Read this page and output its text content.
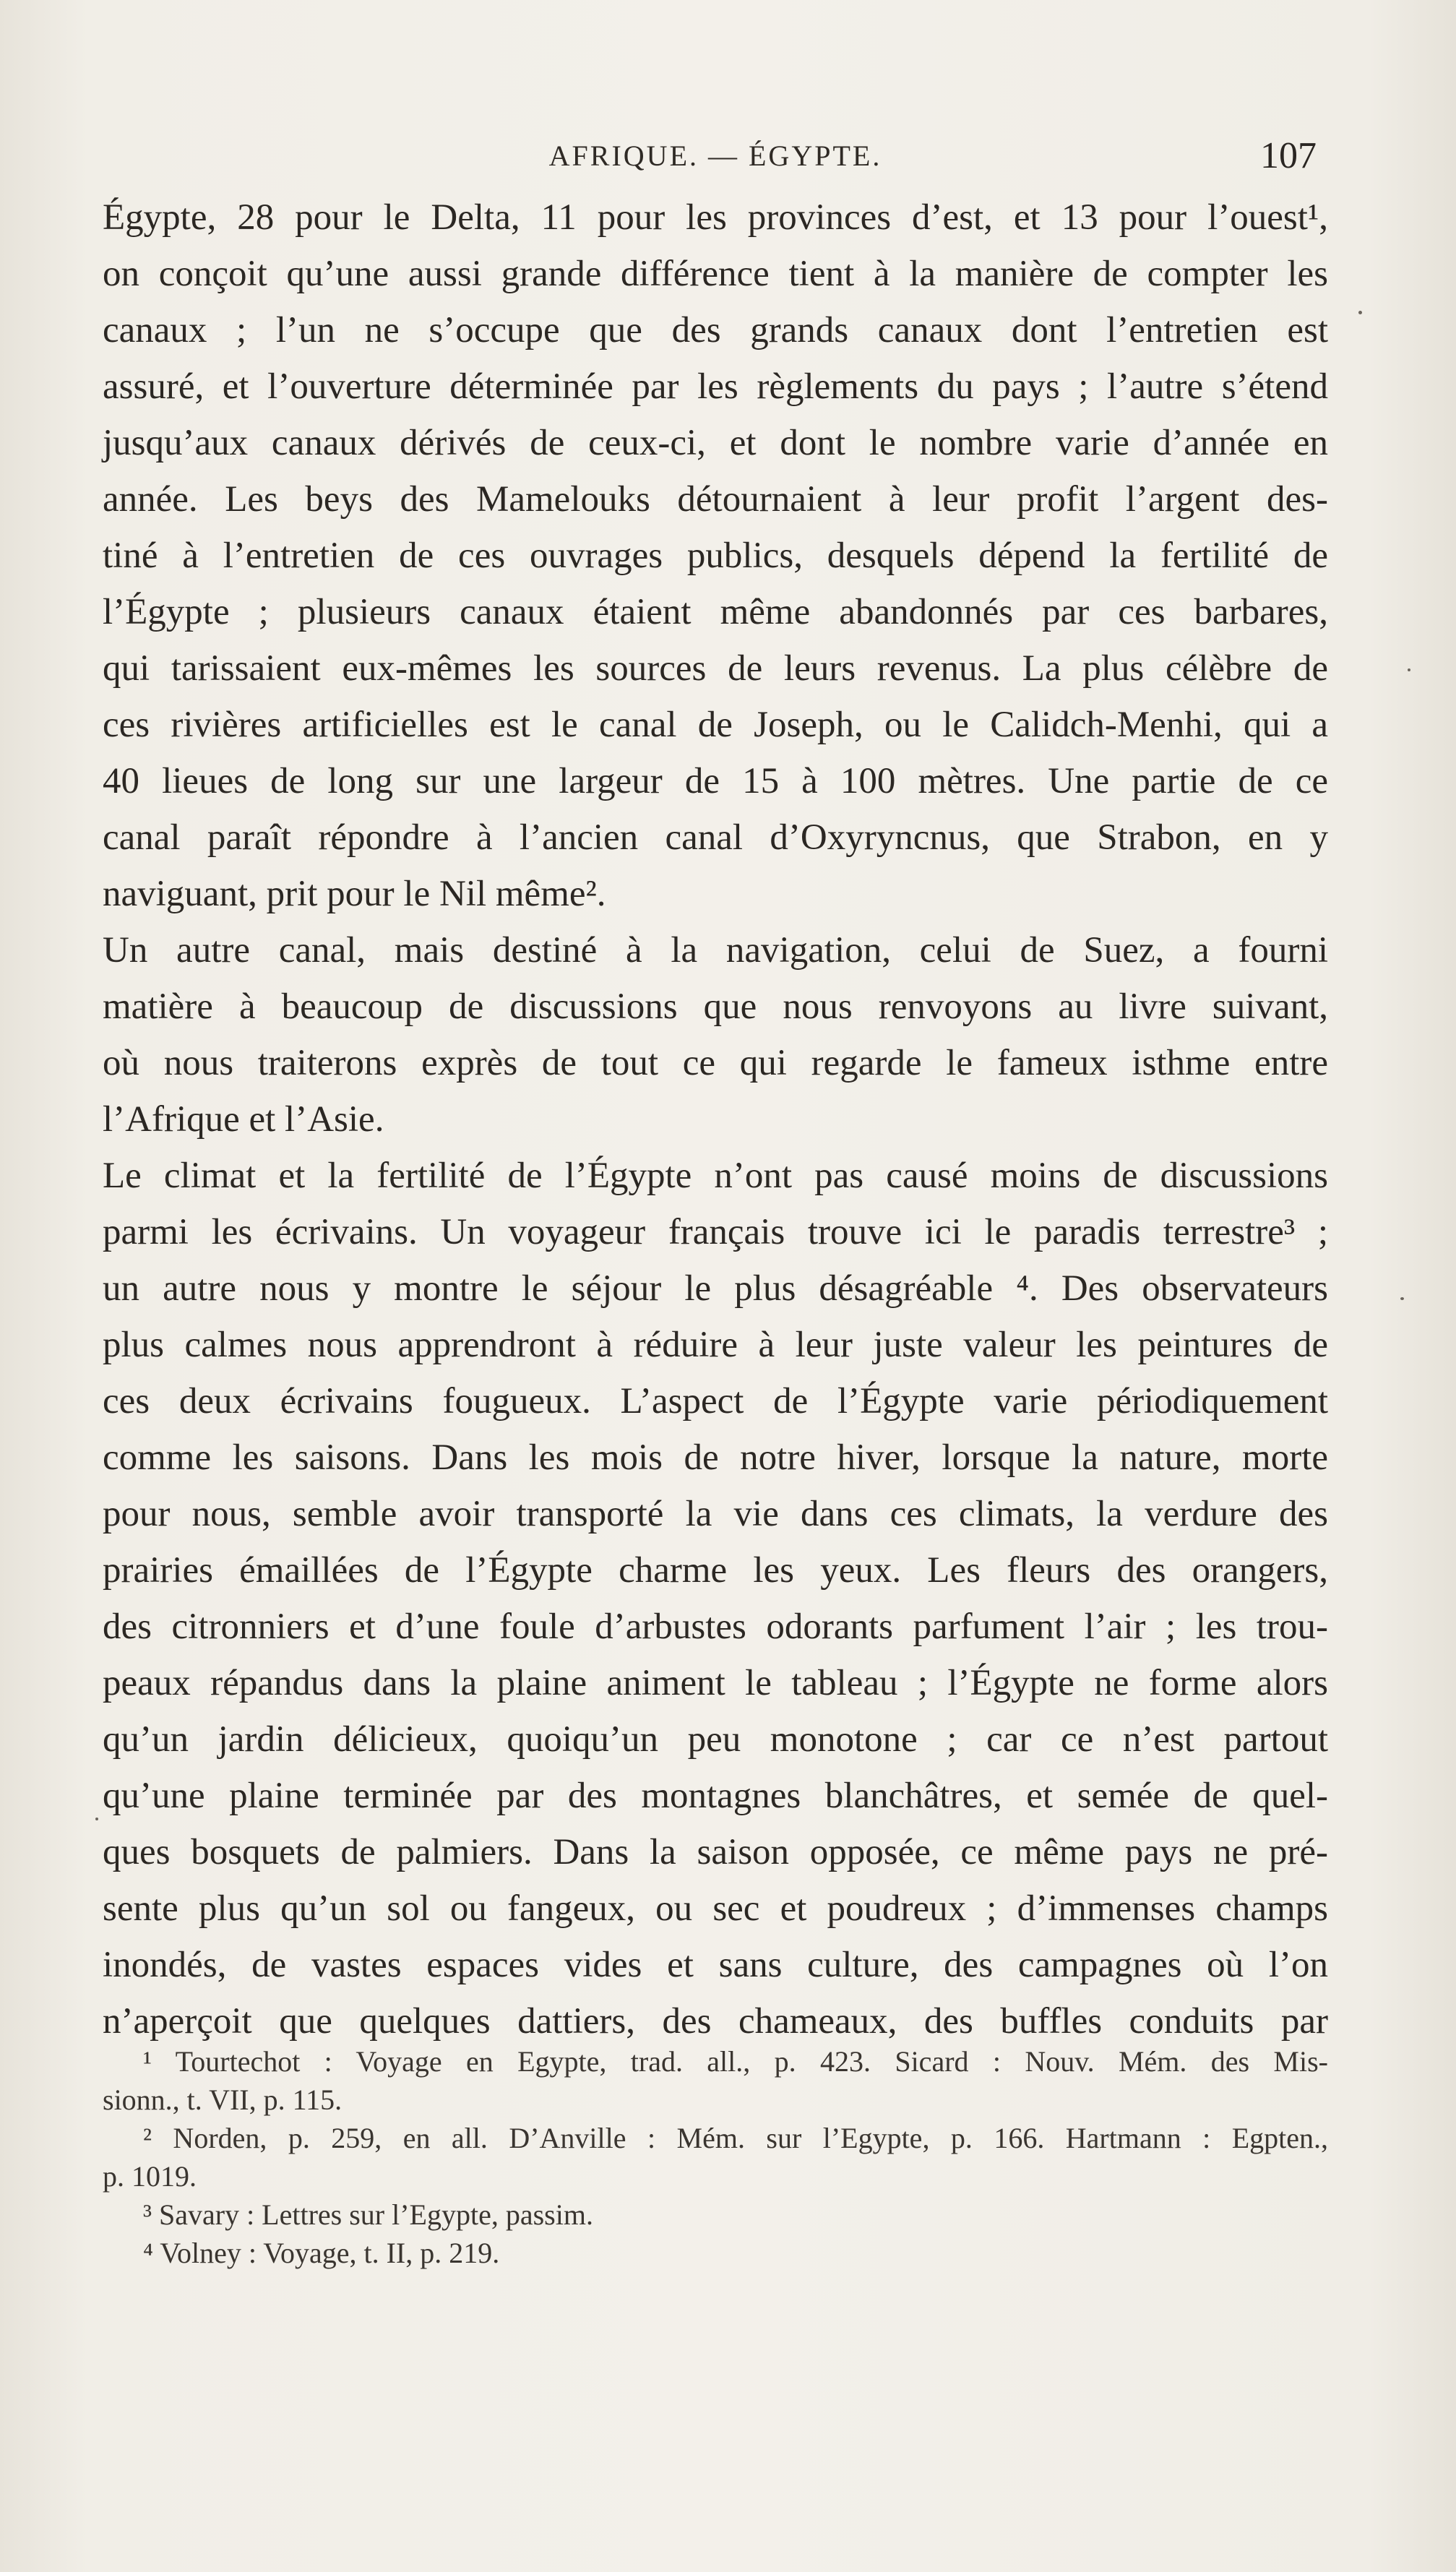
AFRIQUE. — ÉGYPTE.	107
Égypte, 28 pour le Delta, 11 pour les provinces d’est, et 13 pour l’ouest¹,
on conçoit qu’une aussi grande différence tient à la manière de compter les
canaux ; l’un ne s’occupe que des grands canaux dont l’entretien est
assuré, et l’ouverture déterminée par les règlements du pays ; l’autre s’étend
jusqu’aux canaux dérivés de ceux-ci, et dont le nombre varie d’année en
année. Les beys des Mamelouks détournaient à leur profit l’argent des-
tiné à l’entretien de ces ouvrages publics, desquels dépend la fertilité de
l’Égypte ; plusieurs canaux étaient même abandonnés par ces barbares,
qui tarissaient eux-mêmes les sources de leurs revenus. La plus célèbre de
ces rivières artificielles est le canal de Joseph, ou le Calidch-Menhi, qui a
40 lieues de long sur une largeur de 15 à 100 mètres. Une partie de ce
canal paraît répondre à l’ancien canal d’Oxyryncnus, que Strabon, en y
naviguant, prit pour le Nil même².
Un autre canal, mais destiné à la navigation, celui de Suez, a fourni
matière à beaucoup de discussions que nous renvoyons au livre suivant,
où nous traiterons exprès de tout ce qui regarde le fameux isthme entre
l’Afrique et l’Asie.
Le climat et la fertilité de l’Égypte n’ont pas causé moins de discussions
parmi les écrivains. Un voyageur français trouve ici le paradis terrestre³ ;
un autre nous y montre le séjour le plus désagréable ⁴. Des observateurs
plus calmes nous apprendront à réduire à leur juste valeur les peintures de
ces deux écrivains fougueux. L’aspect de l’Égypte varie périodiquement
comme les saisons. Dans les mois de notre hiver, lorsque la nature, morte
pour nous, semble avoir transporté la vie dans ces climats, la verdure des
prairies émaillées de l’Égypte charme les yeux. Les fleurs des orangers,
des citronniers et d’une foule d’arbustes odorants parfument l’air ; les trou-
peaux répandus dans la plaine animent le tableau ; l’Égypte ne forme alors
qu’un jardin délicieux, quoiqu’un peu monotone ; car ce n’est partout
qu’une plaine terminée par des montagnes blanchâtres, et semée de quel-
ques bosquets de palmiers. Dans la saison opposée, ce même pays ne pré-
sente plus qu’un sol ou fangeux, ou sec et poudreux ; d’immenses champs
inondés, de vastes espaces vides et sans culture, des campagnes où l’on
n’aperçoit que quelques dattiers, des chameaux, des buffles conduits par
¹ Tourtechot : Voyage en Egypte, trad. all., p. 423. Sicard : Nouv. Mém. des Mis-
sionn., t. VII, p. 115.
² Norden, p. 259, en all. D’Anville : Mém. sur l’Egypte, p. 166. Hartmann : Egpten.,
p. 1019.
³ Savary : Lettres sur l’Egypte, passim.
⁴ Volney : Voyage, t. II, p. 219.
